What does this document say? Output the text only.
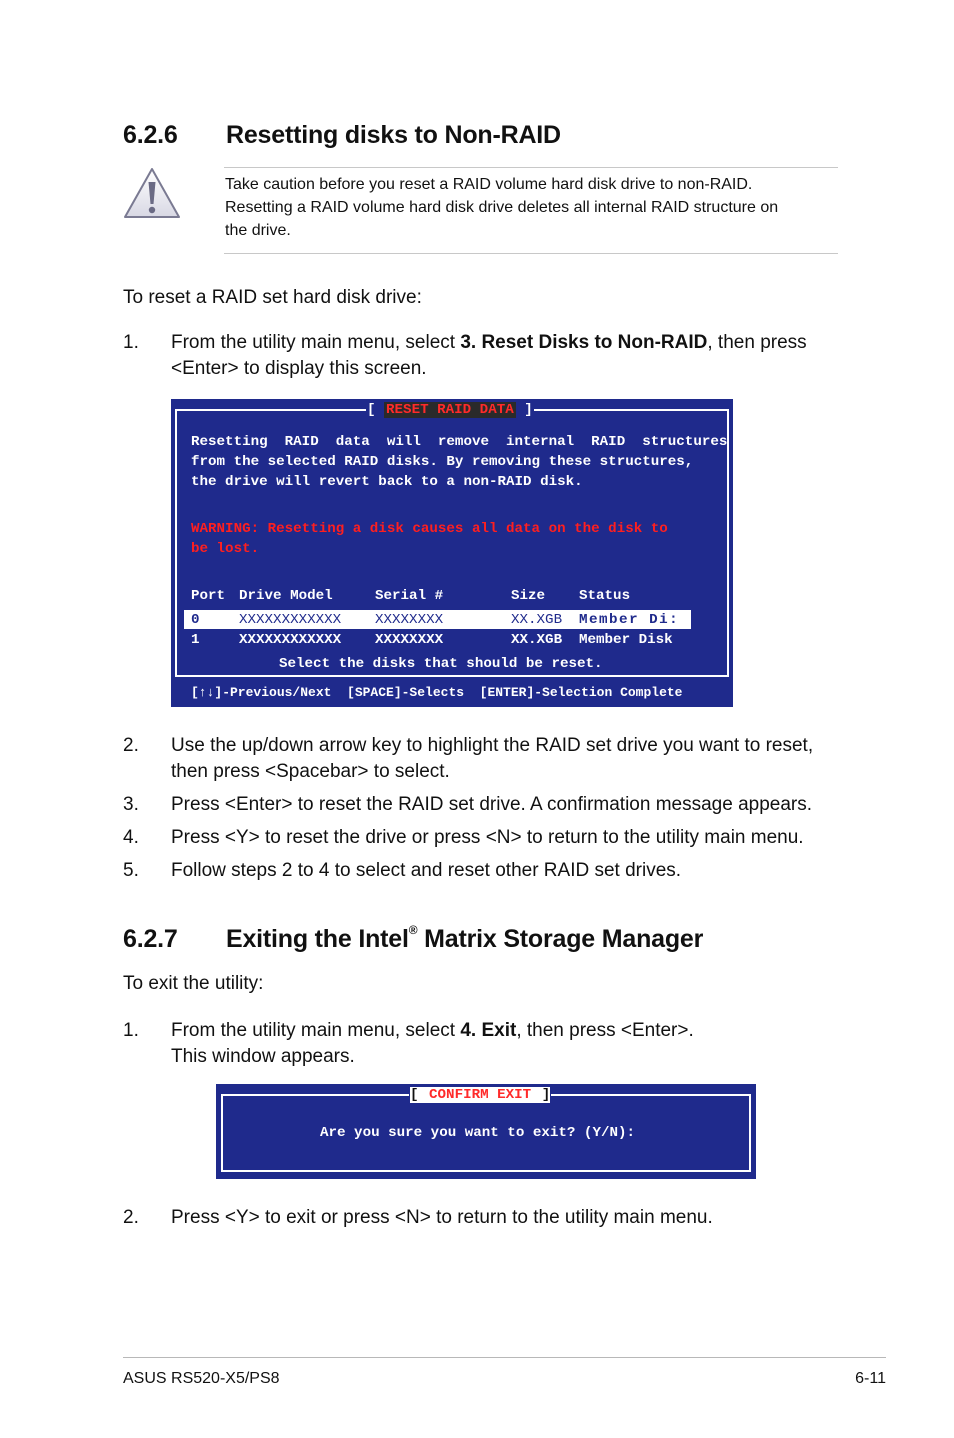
6.2.6 Resetting disks to Non-RAID
Take caution before you reset a RAID volume hard disk drive to non-RAID.
Resetting a RAID volume hard disk drive deletes all internal RAID structure on
the drive.
To reset a RAID set hard disk drive:
1. From the utility main menu, select 3. Reset Disks to Non-RAID, then press
<Enter> to display this screen.
[ RESET RAID DATA ]
Resetting  RAID  data  will  remove  internal  RAID  structures
from the selected RAID disks. By removing these structures,
the drive will revert back to a non-RAID disk.
WARNING: Resetting a disk causes all data on the disk to
be lost.
Port Drive Model	Serial #	Size Status
0	XXXXXXXXXXXX XXXXXXXX	XX.XGB Member Di:
1	XXXXXXXXXXXX XXXXXXXX	XX.XGB Member Disk
Select the disks that should be reset.
[↑↓]-Previous/Next  [SPACE]-Selects  [ENTER]-Selection Complete
2. Use the up/down arrow key to highlight the RAID set drive you want to reset,
then press <Spacebar> to select.
3. Press <Enter> to reset the RAID set drive. A confirmation message appears.
4. Press <Y> to reset the drive or press <N> to return to the utility main menu.
5. Follow steps 2 to 4 to select and reset other RAID set drives.
6.2.7 Exiting the Intel® Matrix Storage Manager
To exit the utility:
1. From the utility main menu, select 4. Exit, then press <Enter>.
This window appears.
[ CONFIRM EXIT ]
Are you sure you want to exit? (Y/N):
2. Press <Y> to exit or press <N> to return to the utility main menu.
ASUS RS520-X5/PS8	6-11
